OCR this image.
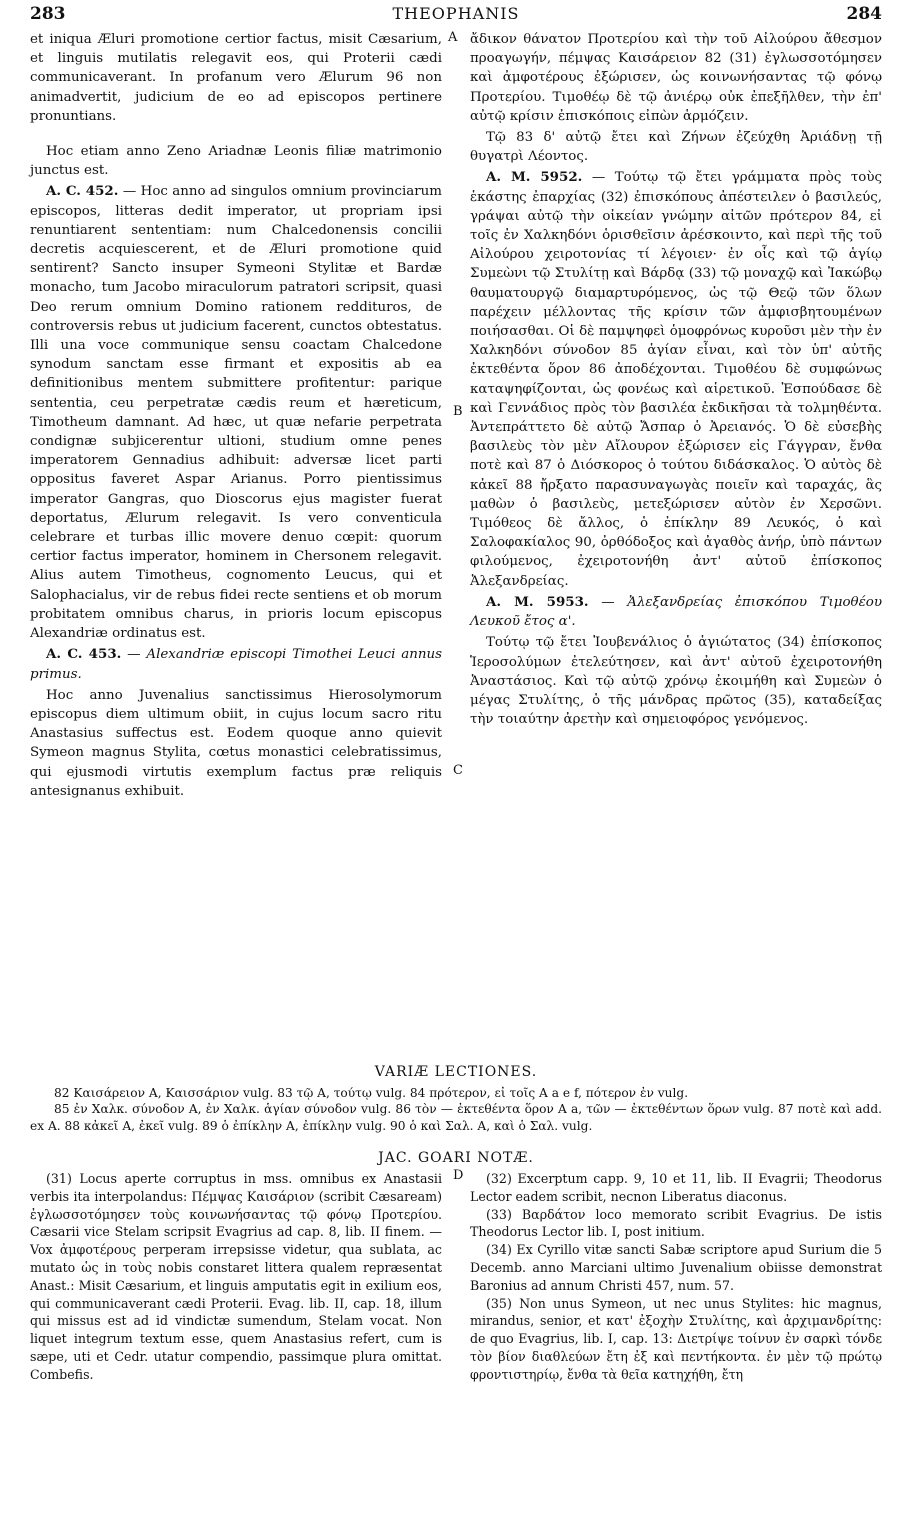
283	THEOPHANIS	284

et iniqua Æluri promotione certior factus, misit Cæsarium, et linguis mutilatis relegavit eos, qui Proterii cædi communicaverant. In profanum vero Ælurum 96 non animadvertit, judicium de eo ad episcopos pertinere pronuntians.

Hoc etiam anno Zeno Ariadnæ Leonis filiæ matrimonio junctus est.

A. C. 452. — Hoc anno ad singulos omnium provinciarum episcopos, litteras dedit imperator, ut propriam ipsi renuntiarent sententiam: num Chalcedonensis concilii decretis acquiescerent, et de Æluri promotione quid sentirent? Sancto insuper Symeoni Stylitæ et Bardæ monacho, tum Jacobo miraculorum patratori scripsit, quasi Deo rerum omnium Domino rationem reddituros, de controversis rebus ut judicium facerent, cunctos obtestatus. Illi una voce communique sensu coactam Chalcedone synodum sanctam esse firmant et expositis ab ea definitionibus mentem submittere profitentur: parique sententia, ceu perpetratæ cædis reum et hæreticum, Timotheum damnant. Ad hæc, ut quæ nefarie perpetrata condignæ subjicerentur ultioni, studium omne penes imperatorem Gennadius adhibuit: adversæ licet parti oppositus faveret Aspar Arianus. Porro pientissimus imperator Gangras, quo Dioscorus ejus magister fuerat deportatus, Ælurum relegavit. Is vero conventicula celebrare et turbas illic movere denuo cœpit: quorum certior factus imperator, hominem in Chersonem relegavit. Alius autem Timotheus, cognomento Leucus, qui et Salophacialus, vir de rebus fidei recte sentiens et ob morum probitatem omnibus charus, in prioris locum episcopus Alexandriæ ordinatus est.

A. C. 453. — Alexandriæ episcopi Timothei Leuci annus primus.

Hoc anno Juvenalius sanctissimus Hierosolymorum episcopus diem ultimum obiit, in cujus locum sacro ritu Anastasius suffectus est. Eodem quoque anno quievit Symeon magnus Stylita, cœtus monastici celebratissimus, qui ejusmodi virtutis exemplum factus præ reliquis antesignanus exhibuit.

ἄδικον θάνατον Προτερίου καὶ τὴν τοῦ Αἰλούρου ἄθεσμον προαγωγήν, πέμψας Καισάρειον 82 (31) ἐγλωσσοτόμησεν καὶ ἀμφοτέρους ἐξώρισεν, ὡς κοινωνήσαντας τῷ φόνῳ Προτερίου. Τιμοθέῳ δὲ τῷ ἀνιέρῳ οὐκ ἐπεξῆλθεν, τὴν ἐπ' αὐτῷ κρίσιν ἐπισκόποις εἰπὼν ἁρμόζειν.

Τῷ 83 δ' αὐτῷ ἔτει καὶ Ζήνων ἐζεύχθη Ἀριάδνῃ τῇ θυγατρὶ Λέοντος.

A. M. 5952. — Τούτῳ τῷ ἔτει γράμματα πρὸς τοὺς ἑκάστης ἐπαρχίας (32) ἐπισκόπους ἀπέστειλεν ὁ βασιλεύς, γράψαι αὐτῷ τὴν οἰκείαν γνώμην αἰτῶν πρότερον 84, εἰ τοῖς ἐν Χαλκηδόνι ὁρισθεῖσιν ἀρέσκοιντο, καὶ περὶ τῆς τοῦ Αἰλούρου χειροτονίας τί λέγοιεν· ἐν οἷς καὶ τῷ ἁγίῳ Συμεὼνι τῷ Στυλίτῃ καὶ Βάρδᾳ (33) τῷ μοναχῷ καὶ Ἰακώβῳ θαυματουργῷ διαμαρτυρόμενος, ὡς τῷ Θεῷ τῶν ὅλων παρέχειν μέλλοντας τῆς κρίσιν τῶν ἀμφισβητουμένων ποιήσασθαι. Οἱ δὲ παμψηφεὶ ὁμοφρόνως κυροῦσι μὲν τὴν ἐν Χαλκηδόνι σύνοδον 85 ἁγίαν εἶναι, καὶ τὸν ὑπ' αὐτῆς ἐκτεθέντα ὅρον 86 ἀποδέχονται. Τιμοθέου δὲ συμφώνως καταψηφίζονται, ὡς φονέως καὶ αἱρετικοῦ. Ἐσπούδασε δὲ καὶ Γεννάδιος πρὸς τὸν βασιλέα ἐκδικῆσαι τὰ τολμηθέντα. Ἀντεπράττετο δὲ αὐτῷ Ἄσπαρ ὁ Ἀρειανός. Ὁ δὲ εὐσεβὴς βασιλεὺς τὸν μὲν Αἴλουρον ἐξώρισεν εἰς Γάγγραν, ἔνθα ποτὲ καὶ 87 ὁ Διόσκορος ὁ τούτου διδάσκαλος. Ὁ αὐτὸς δὲ κἀκεῖ 88 ἤρξατο παρασυναγωγὰς ποιεῖν καὶ ταραχάς, ἃς μαθὼν ὁ βασιλεὺς, μετεξώρισεν αὐτὸν ἐν Χερσῶνι. Τιμόθεος δὲ ἄλλος, ὁ ἐπίκλην 89 Λευκός, ὁ καὶ Σαλοφακίαλος 90, ὀρθόδοξος καὶ ἀγαθὸς ἀνήρ, ὑπὸ πάντων φιλούμενος, ἐχειροτονήθη ἀντ' αὐτοῦ ἐπίσκοπος Ἀλεξανδρείας.

A. M. 5953. — Ἀλεξανδρείας ἐπισκόπου Τιμοθέου Λευκοῦ ἔτος α'.

Τούτῳ τῷ ἔτει Ἰουβενάλιος ὁ ἁγιώτατος (34) ἐπίσκοπος Ἱεροσολύμων ἐτελεύτησεν, καὶ ἀντ' αὐτοῦ ἐχειροτονήθη Ἀναστάσιος. Καὶ τῷ αὐτῷ χρόνῳ ἐκοιμήθη καὶ Συμεὼν ὁ μέγας Στυλίτης, ὁ τῆς μάνδρας πρῶτος (35), καταδείξας τὴν τοιαύτην ἀρετὴν καὶ σημειοφόρος γενόμενος.

A
B
C
D
VARIÆ LECTIONES.

82 Καισάρειον A, Καισσάριον vulg. 83 τῷ A, τούτῳ vulg. 84 πρότερον, εἰ τοῖς A a e f, πότερον ἐν vulg.

85 ἐν Χαλκ. σύνοδον A, ἐν Χαλκ. ἁγίαν σύνοδον vulg. 86 τὸν — ἐκτεθέντα ὅρον A a, τῶν — ἐκτεθέντων ὅρων vulg. 87 ποτὲ καὶ add. ex A. 88 κἀκεῖ A, ἐκεῖ vulg. 89 ὁ ἐπίκλην A, ἐπίκλην vulg. 90 ὁ καὶ Σαλ. A, καὶ ὁ Σαλ. vulg.

JAC. GOARI NOTÆ.

(31) Locus aperte corruptus in mss. omnibus ex Anastasii verbis ita interpolandus: Πέμψας Καισάριον (scribit Cæsaream) ἐγλωσσοτόμησεν τοὺς κοινωνήσαντας τῷ φόνῳ Προτερίου. Cæsarii vice Stelam scripsit Evagrius ad cap. 8, lib. II finem. — Vox ἀμφοτέρους perperam irrepsisse videtur, qua sublata, ac mutato ὡς in τοὺς nobis constaret littera qualem repræsentat Anast.: Misit Cæsarium, et linguis amputatis egit in exilium eos, qui communicaverant cædi Proterii. Evag. lib. II, cap. 18, illum qui missus est ad id vindictæ sumendum, Stelam vocat. Non liquet integrum textum esse, quem Anastasius refert, cum is sæpe, uti et Cedr. utatur compendio, passimque plura omittat. Combefis.

(32) Excerptum capp. 9, 10 et 11, lib. II Evagrii; Theodorus Lector eadem scribit, necnon Liberatus diaconus.

(33) Βαρδάτον loco memorato scribit Evagrius. De istis Theodorus Lector lib. I, post initium.

(34) Ex Cyrillo vitæ sancti Sabæ scriptore apud Surium die 5 Decemb. anno Marciani ultimo Juvenalium obiisse demonstrat Baronius ad annum Christi 457, num. 57.

(35) Non unus Symeon, ut nec unus Stylites: hic magnus, mirandus, senior, et κατ' ἐξοχὴν Στυλίτης, καὶ ἀρχιμανδρίτης: de quo Evagrius, lib. I, cap. 13: Διετρίψε τοίνυν ἐν σαρκὶ τόνδε τὸν βίον διαθλεύων ἔτη ἐξ καὶ πεντήκοντα. ἐν μὲν τῷ πρώτῳ φροντιστηρίῳ, ἔνθα τὰ θεῖα κατηχήθη, ἔτη
